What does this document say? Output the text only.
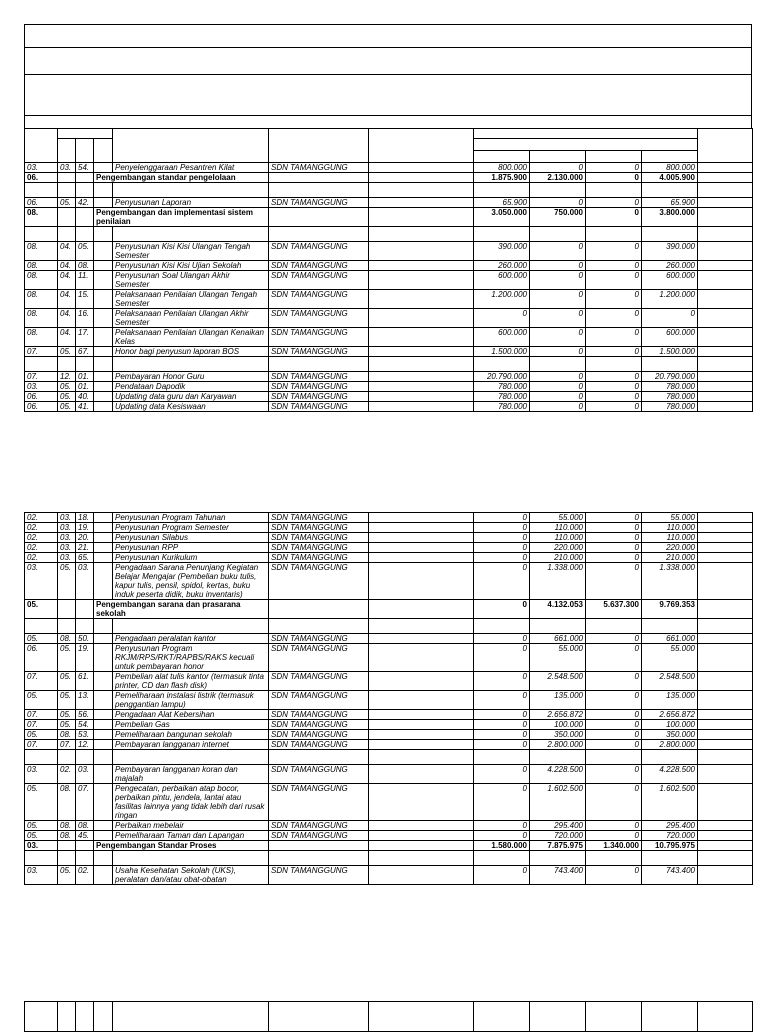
03.	03.	54.		Penyelenggaraan Pesantren Kilat	SDN TAMANGGUNG		800.000	0	0	800.000	
06.			Pengembangan standar pengelolaan				1.875.900	2.130.000	0	4.005.900	

06.	05.	42.		Penyusunan Laporan	SDN TAMANGGUNG		65.900	0	0	65.900	
08.			Pengembangan dan implementasi sistem penilaian				3.050.000	750.000	0	3.800.000	

08.	04.	05.		Penyusunan Kisi Kisi Ulangan Tengah Semester	SDN TAMANGGUNG		390.000	0	0	390.000	
08.	04.	08.		Penyusunan Kisi Kisi Ujian Sekolah	SDN TAMANGGUNG		260.000	0	0	260.000	
08.	04.	11.		Penyusunan Soal Ulangan Akhir Semester	SDN TAMANGGUNG		600.000	0	0	600.000	
08.	04.	15.		Pelaksanaan Penilaian Ulangan Tengah Semester	SDN TAMANGGUNG		1.200.000	0	0	1.200.000	
08.	04.	16.		Pelaksanaan Penilaian Ulangan Akhir Semester	SDN TAMANGGUNG		0	0	0	0	
08.	04.	17.		Pelaksanaan Penilaian Ulangan Kenaikan Kelas	SDN TAMANGGUNG		600.000	0	0	600.000	
07.	05.	67.		Honor bagi penyusun laporan BOS	SDN TAMANGGUNG		1.500.000	0	0	1.500.000	

07.	12.	01.		Pembayaran Honor Guru	SDN TAMANGGUNG		20.790.000	0	0	20.790.000	
03.	05.	01.		Pendataan Dapodik	SDN TAMANGGUNG		780.000	0	0	780.000	
06.	05.	40.		Updating data guru dan Karyawan	SDN TAMANGGUNG		780.000	0	0	780.000	
06.	05.	41.		Updating data Kesiswaan	SDN TAMANGGUNG		780.000	0	0	780.000	
02.	03.	18.		Penyusunan Program Tahunan	SDN TAMANGGUNG		0	55.000	0	55.000	
02.	03.	19.		Penyusunan Program Semester	SDN TAMANGGUNG		0	110.000	0	110.000	
02.	03.	20.		Penyusunan Silabus	SDN TAMANGGUNG		0	110.000	0	110.000	
02.	03.	21.		Penyusunan RPP	SDN TAMANGGUNG		0	220.000	0	220.000	
02.	03.	65.		Penyusunan Kurikulum	SDN TAMANGGUNG		0	210.000	0	210.000	
03.	05.	03.		Pengadaan Sarana Penunjang Kegiatan Belajar Mengajar (Pembelian buku tulis, kapur tulis, pensil, spidol, kertas, buku induk peserta didik, buku inventaris)	SDN TAMANGGUNG		0	1.338.000	0	1.338.000	
05.			Pengembangan sarana dan prasarana sekolah				0	4.132.053	5.637.300	9.769.353	

05.	08.	50.		Pengadaan peralatan kantor	SDN TAMANGGUNG		0	661.000	0	661.000	
06.	05.	19.		Penyusunan Program RKJM/RPS/RKT/RAPBS/RAKS kecuali untuk pembayaran honor	SDN TAMANGGUNG		0	55.000	0	55.000	
07.	05.	61.		Pembelian alat tulis kantor (termasuk tinta printer, CD dan flash disk)	SDN TAMANGGUNG		0	2.548.500	0	2.548.500	
05.	05.	13.		Pemeliharaan instalasi listrik (termasuk penggantian lampu)	SDN TAMANGGUNG		0	135.000	0	135.000	
07.	05.	56.		Pengadaan Alat Kebersihan	SDN TAMANGGUNG		0	2.656.872	0	2.656.872	
07.	05.	54.		Pembelian Gas	SDN TAMANGGUNG		0	100.000	0	100.000	
05.	08.	53.		Pemeliharaan bangunan sekolah	SDN TAMANGGUNG		0	350.000	0	350.000	
07.	07.	12.		Pembayaran langganan internet	SDN TAMANGGUNG		0	2.800.000	0	2.800.000	

03.	02.	03.		Pembayaran langganan koran dan majalah	SDN TAMANGGUNG		0	4.228.500	0	4.228.500	
05.	08.	07.		Pengecatan, perbaikan atap bocor, perbaikan pintu, jendela, lantai atau fasilitas lainnya yang tidak lebih dari rusak ringan	SDN TAMANGGUNG		0	1.602.500	0	1.602.500	
05.	08.	08.		Perbaikan mebelair	SDN TAMANGGUNG		0	295.400	0	295.400	
05.	08.	45.		Pemeliharaan Taman dan Lapangan	SDN TAMANGGUNG		0	720.000	0	720.000	
03.			Pengembangan Standar Proses				1.580.000	7.875.975	1.340.000	10.795.975	

03.	05.	02.		Usaha Kesehatan Sekolah (UKS), peralatan dan/atau obat-obatan	SDN TAMANGGUNG		0	743.400	0	743.400	
